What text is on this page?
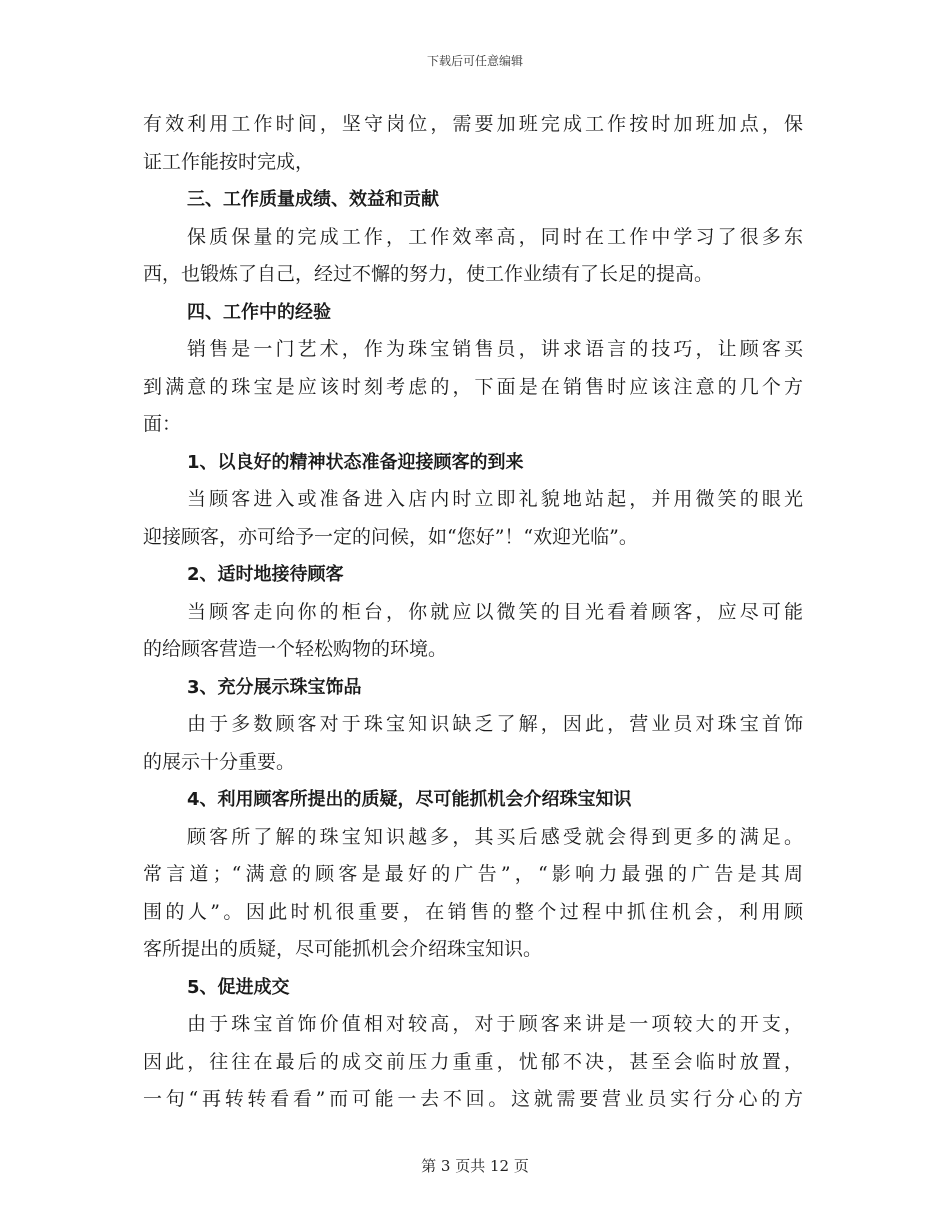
下载后可任意编辑
有效利用工作时间，坚守岗位，需要加班完成工作按时加班加点，保
证工作能按时完成，
三、工作质量成绩、效益和贡献
保质保量的完成工作，工作效率高，同时在工作中学习了很多东
西，也锻炼了自己，经过不懈的努力，使工作业绩有了长足的提高。
四、工作中的经验
销售是一门艺术，作为珠宝销售员，讲求语言的技巧，让顾客买
到满意的珠宝是应该时刻考虑的，下面是在销售时应该注意的几个方
面：
1、以良好的精神状态准备迎接顾客的到来
当顾客进入或准备进入店内时立即礼貌地站起，并用微笑的眼光
迎接顾客，亦可给予一定的问候，如“您好”！“欢迎光临”。
2、适时地接待顾客
当顾客走向你的柜台，你就应以微笑的目光看着顾客，应尽可能
的给顾客营造一个轻松购物的环境。
3、充分展示珠宝饰品
由于多数顾客对于珠宝知识缺乏了解，因此，营业员对珠宝首饰
的展示十分重要。
4、利用顾客所提出的质疑，尽可能抓机会介绍珠宝知识
顾客所了解的珠宝知识越多，其买后感受就会得到更多的满足。
常言道；“满意的顾客是最好的广告”，“影响力最强的广告是其周
围的人”。因此时机很重要，在销售的整个过程中抓住机会，利用顾
客所提出的质疑，尽可能抓机会介绍珠宝知识。
5、促进成交
由于珠宝首饰价值相对较高，对于顾客来讲是一项较大的开支，
因此，往往在最后的成交前压力重重，忧郁不决，甚至会临时放置，
一句“再转转看看”而可能一去不回。这就需要营业员实行分心的方
第 3 页共 12 页
